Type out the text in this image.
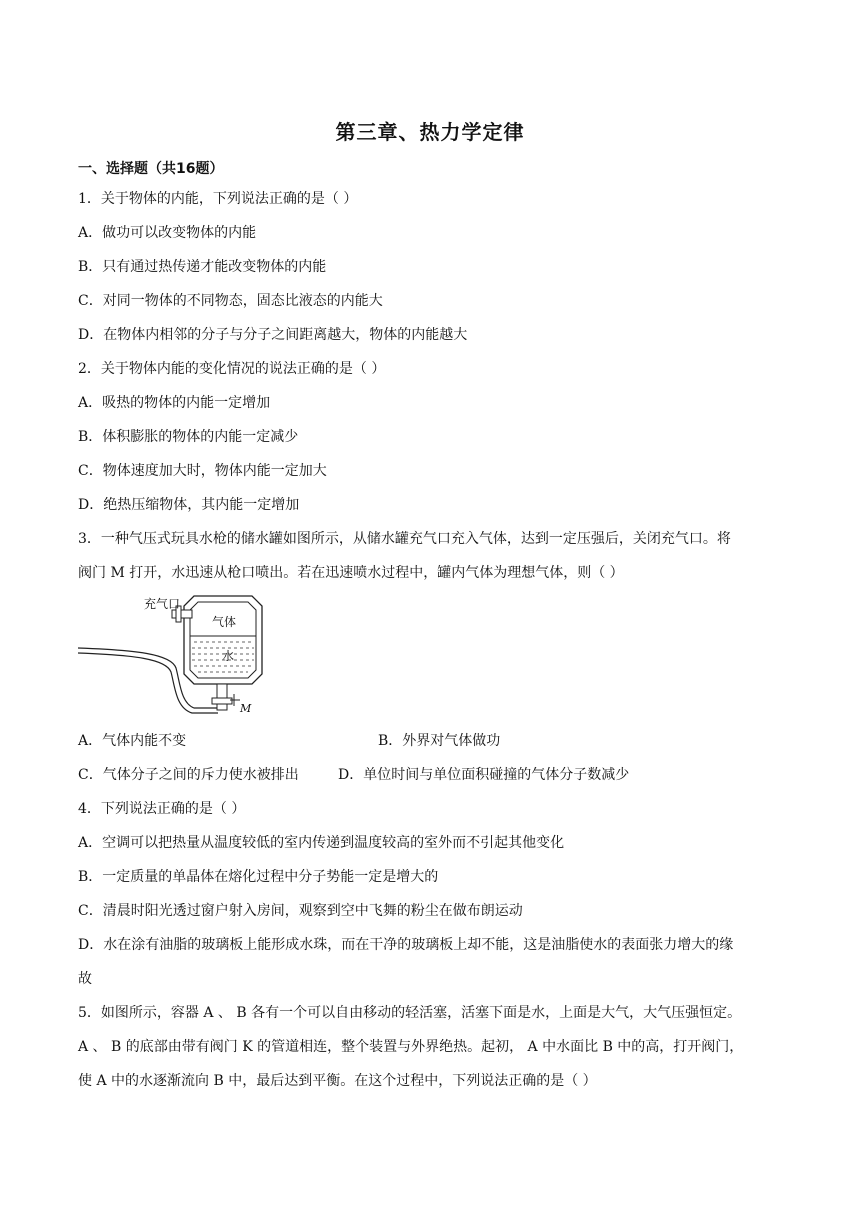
第三章、热力学定律
一、选择题（共16题）
1．关于物体的内能，下列说法正确的是（ ）
A．做功可以改变物体的内能
B．只有通过热传递才能改变物体的内能
C．对同一物体的不同物态，固态比液态的内能大
D．在物体内相邻的分子与分子之间距离越大，物体的内能越大
2．关于物体内能的变化情况的说法正确的是（ ）
A．吸热的物体的内能一定增加
B．体积膨胀的物体的内能一定减少
C．物体速度加大时，物体内能一定加大
D．绝热压缩物体，其内能一定增加
3．一种气压式玩具水枪的储水罐如图所示，从储水罐充气口充入气体，达到一定压强后，关闭充气口。将
阀门 M 打开，水迅速从枪口喷出。若在迅速喷水过程中，罐内气体为理想气体，则（ ）
充气口
气体
水
M
A．气体内能不变	B．外界对气体做功
C．气体分子之间的斥力使水被排出	D．单位时间与单位面积碰撞的气体分子数减少
4．下列说法正确的是（ ）
A．空调可以把热量从温度较低的室内传递到温度较高的室外而不引起其他变化
B．一定质量的单晶体在熔化过程中分子势能一定是增大的
C．清晨时阳光透过窗户射入房间，观察到空中飞舞的粉尘在做布朗运动
D．水在涂有油脂的玻璃板上能形成水珠，而在干净的玻璃板上却不能，这是油脂使水的表面张力增大的缘
故
5．如图所示，容器 A 、 B 各有一个可以自由移动的轻活塞，活塞下面是水，上面是大气，大气压强恒定。
A 、 B 的底部由带有阀门 K 的管道相连，整个装置与外界绝热。起初， A 中水面比 B 中的高，打开阀门，
使 A 中的水逐渐流向 B 中，最后达到平衡。在这个过程中，下列说法正确的是（ ）
